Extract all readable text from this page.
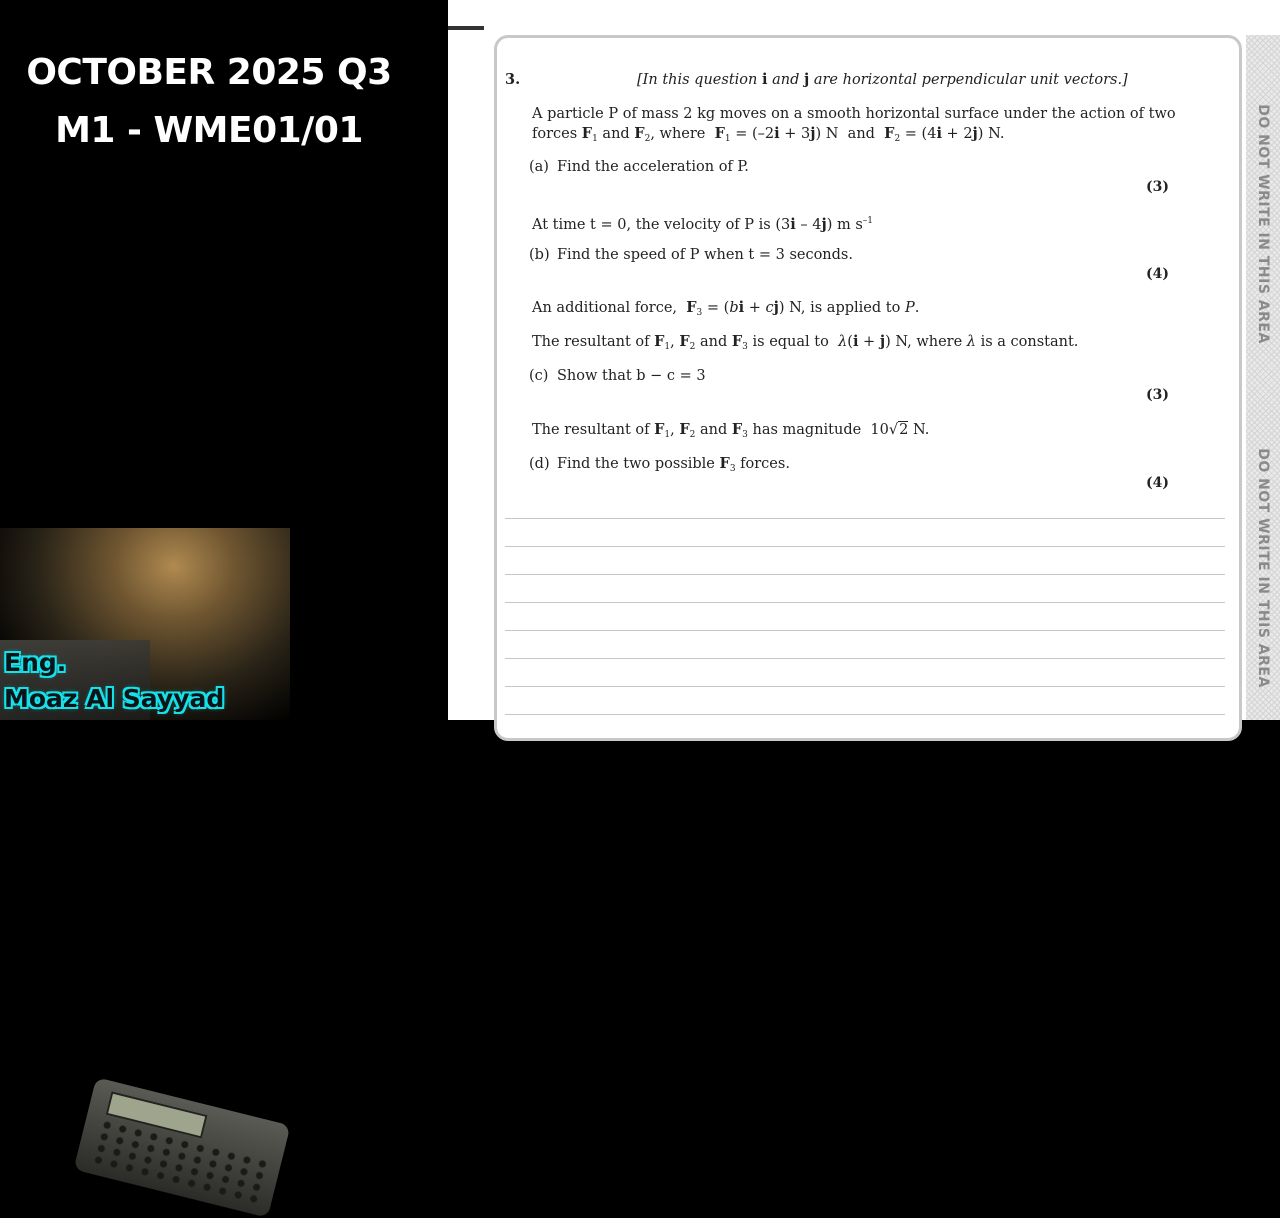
OCTOBER 2025 Q3
M1 - WME01/01
Eng.
Moaz Al Sayyad
DO NOT WRITE IN THIS AREA
DO NOT WRITE IN THIS AREA
3.	[In this question i and j are horizontal perpendicular unit vectors.]
A particle P of mass 2 kg moves on a smooth horizontal surface under the action of two
forces $F_1$ and $F_2$, where  $F_1 = (-2i + 3j)$ N  and  $F_2 = (4i + 2j)$ N.
(a) Find the acceleration of P.
(3)
At time t = 0, the velocity of P is (3i – 4j) m $s^{-1}$
(b) Find the speed of P when t = 3 seconds.
(4)
An additional force,  $F_3 = (bi + cj)$ N, is applied to P.
The resultant of $F_1$, $F_2$ and $F_3$ is equal to  λ(i + j) N, where λ is a constant.
(c) Show that b − c = 3
(3)
The resultant of $F_1$, $F_2$ and $F_3$ has magnitude  10√2 N.
(d) Find the two possible $F_3$ forces.
(4)
